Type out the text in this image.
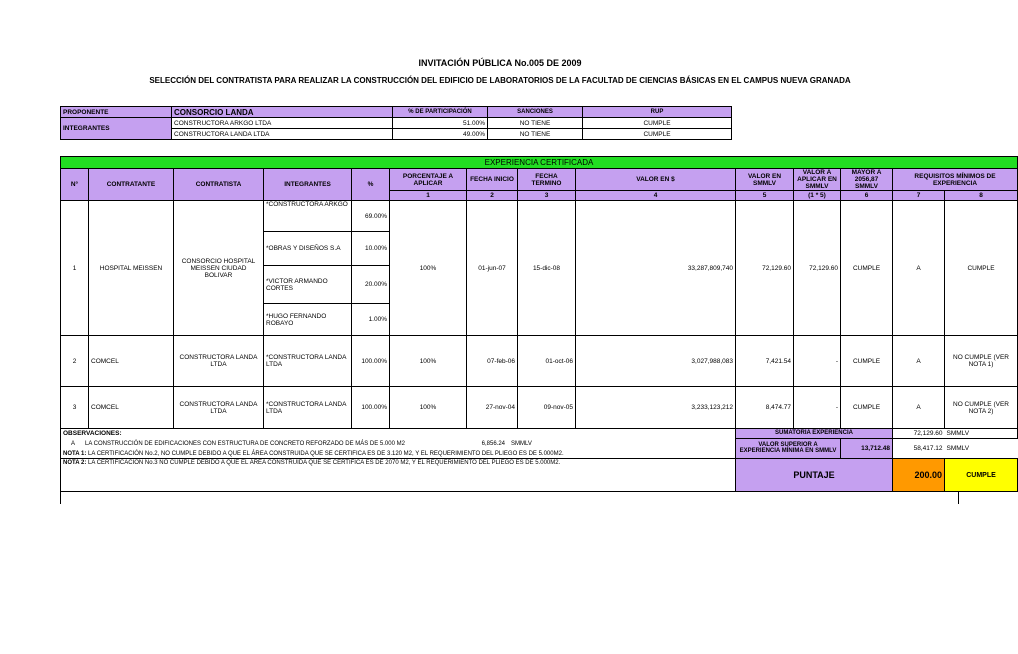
INVITACIÓN PÚBLICA No.005 DE 2009
SELECCIÓN DEL CONTRATISTA PARA REALIZAR LA CONSTRUCCIÓN DEL EDIFICIO DE LABORATORIOS DE LA FACULTAD DE CIENCIAS BÁSICAS EN EL CAMPUS NUEVA GRANADA
PROPONENTE	CONSORCIO LANDA	% DE PARTICIPACIÓN	SANCIONES	RUP
INTEGRANTES	CONSTRUCTORA ARKGO LTDA	51.00%	NO TIENE	CUMPLE
	CONSTRUCTORA LANDA LTDA	49.00%	NO TIENE	CUMPLE

EXPERIENCIA CERTIFICADA													
N°	CONTRATANTE	CONTRATISTA	INTEGRANTES	%	PORCENTAJE A APLICAR	FECHA INICIO	FECHA TERMINO	VALOR EN $	VALOR EN SMMLV	VALOR A APLICAR EN SMMLV	MAYOR A 2056,87 SMMLV	REQUISITOS MÍNIMOS DE EXPERIENCIA	
					1	2	3	4	5	(1 * 5)	6	7	8
1	HOSPITAL MEISSEN	CONSORCIO HOSPITAL MEISSEN CIUDAD BOLIVAR	*CONSTRUCTORA ARKGO	69.00%	100%	01-jun-07	15-dic-08	33,287,809,740	72,129.60	72,129.60	CUMPLE	A	CUMPLE
			*OBRAS Y DISEÑOS S.A	10.00%									
			*VICTOR ARMANDO CORTES	20.00%									
			*HUGO FERNANDO ROBAYO	1.00%									
2	COMCEL	CONSTRUCTORA LANDA LTDA	*CONSTRUCTORA LANDA LTDA	100.00%	100%	07-feb-06	01-oct-06	3,027,988,083	7,421.54	-	CUMPLE	A	NO CUMPLE (VER NOTA 1)
3	COMCEL	CONSTRUCTORA LANDA LTDA	*CONSTRUCTORA LANDA LTDA	100.00%	100%	27-nov-04	09-nov-05	3,233,123,212	8,474.77	-	CUMPLE	A	NO CUMPLE (VER NOTA 2)
OBSERVACIONES:									SUMATORIA EXPERIENCIA			72,129.60	SMMLV

A LA CONSTRUCCIÓN DE EDIFICACIONES CON ESTRUCTURA DE CONCRETO REFORZADO DE MÁS DE 5.000 M2 6,856.24 SMMLV									VALOR SUPERIOR A EXPERIENCIA MÍNIMA EN SMMLV		13,712.48	58,417.12	SMMLV
NOTA 1: LA CERTIFICACIÓN No.2, NO CUMPLE DEBIDO A QUE EL ÁREA CONSTRUIDA QUE SE CERTIFICA ES DE 3.120 M2, Y EL REQUERIMIENTO DEL PLIEGO ES DE 5.000M2.													
NOTA 2: LA CERTIFICACIÓN No.3 NO CUMPLE DEBIDO A QUE EL ÁREA CONSTRUIDA QUE SE CERTIFICA ES DE 2070 M2, Y EL REQUERIMIENTO DEL PLIEGO ES DE 5.000M2.									PUNTAJE			200.00	CUMPLE
